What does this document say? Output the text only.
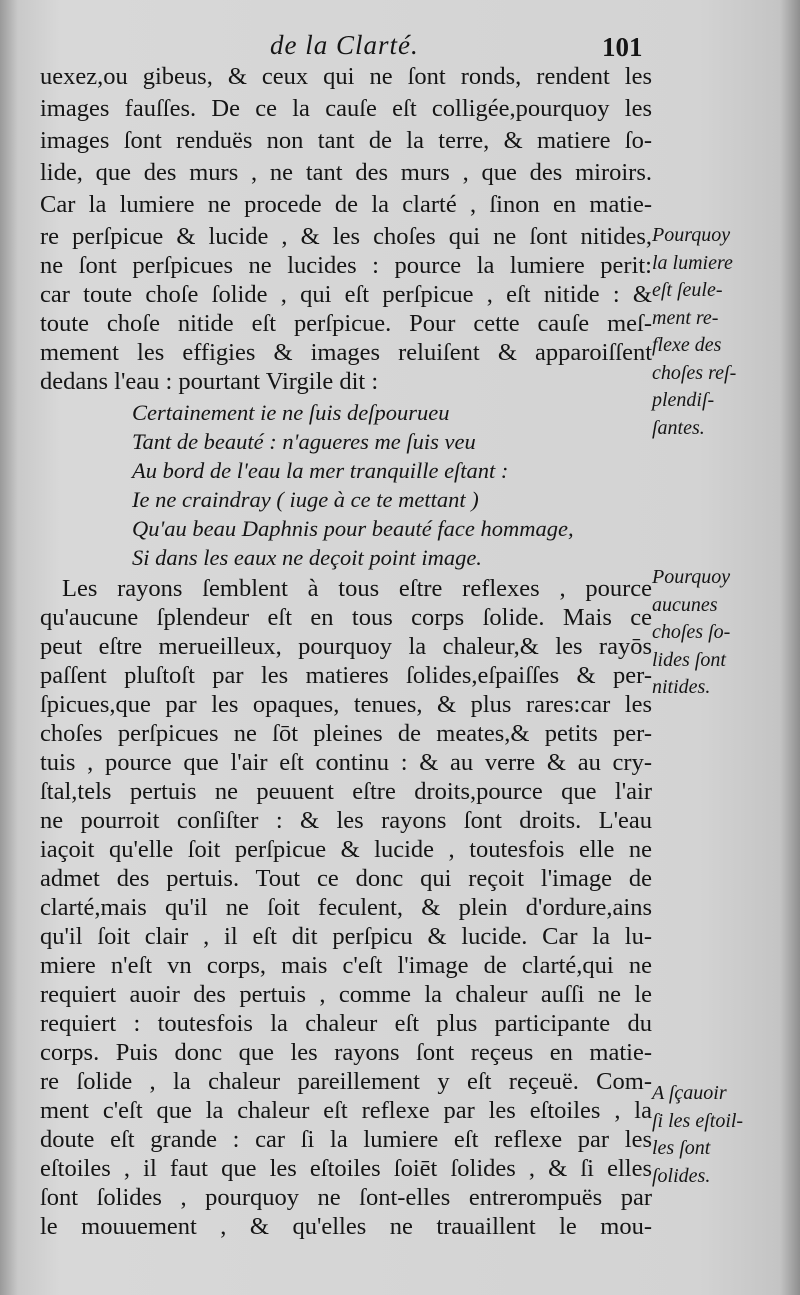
de la Clarté.	101
uexez,ou gibeus, & ceux qui ne ſont ronds, rendent les
images fauſſes. De ce la cauſe eſt colligée,pourquoy les
images ſont renduës non tant de la terre, & matiere ſo-
lide, que des murs , ne tant des murs , que des miroirs.
Car la lumiere ne procede de la clarté , ſinon en matie-
re perſpicue & lucide , & les choſes qui ne ſont nitides,
ne ſont perſpicues ne lucides : pource la lumiere perit:
car toute choſe ſolide , qui eſt perſpicue , eſt nitide : &
toute choſe nitide eſt perſpicue. Pour cette cauſe meſ-
mement les effigies & images reluiſent & apparoiſſent
dedans l'eau : pourtant Virgile dit :
Certainement ie ne ſuis deſpourueu
Tant de beauté : n'agueres me ſuis veu
Au bord de l'eau la mer tranquille eſtant :
Ie ne craindray ( iuge à ce te mettant )
Qu'au beau Daphnis pour beauté face hommage,
Si dans les eaux ne deçoit point image.
Les rayons ſemblent à tous eſtre reflexes , pource
qu'aucune ſplendeur eſt en tous corps ſolide. Mais ce
peut eſtre merueilleux, pourquoy la chaleur,& les rayōs
paſſent pluſtoſt par les matieres ſolides,eſpaiſſes & per-
ſpicues,que par les opaques, tenues, & plus rares:car les
choſes perſpicues ne ſōt pleines de meates,& petits per-
tuis , pource que l'air eſt continu : & au verre & au cry-
ſtal,tels pertuis ne peuuent eſtre droits,pource que l'air
ne pourroit conſiſter : & les rayons ſont droits. L'eau
iaçoit qu'elle ſoit perſpicue & lucide , toutesfois elle ne
admet des pertuis. Tout ce donc qui reçoit l'image de
clarté,mais qu'il ne ſoit feculent, & plein d'ordure,ains
qu'il ſoit clair , il eſt dit perſpicu & lucide. Car la lu-
miere n'eſt vn corps, mais c'eſt l'image de clarté,qui ne
requiert auoir des pertuis , comme la chaleur auſſi ne le
requiert : toutesfois la chaleur eſt plus participante du
corps. Puis donc que les rayons ſont reçeus en matie-
re ſolide , la chaleur pareillement y eſt reçeuë. Com-
ment c'eſt que la chaleur eſt reflexe par les eſtoiles , la
doute eſt grande : car ſi la lumiere eſt reflexe par les
eſtoiles , il faut que les eſtoiles ſoiēt ſolides , & ſi elles
ſont ſolides , pourquoy ne ſont-elles entrerompuës par
le mouuement , & qu'elles ne trauaillent le mou-
Pourquoy
la lumiere
eſt ſeule-
ment re-
flexe des
choſes reſ-
plendiſ-
ſantes.
Pourquoy
aucunes
choſes ſo-
lides ſont
nitides.
A ſçauoir
ſi les eſtoil-
les ſont
ſolides.
